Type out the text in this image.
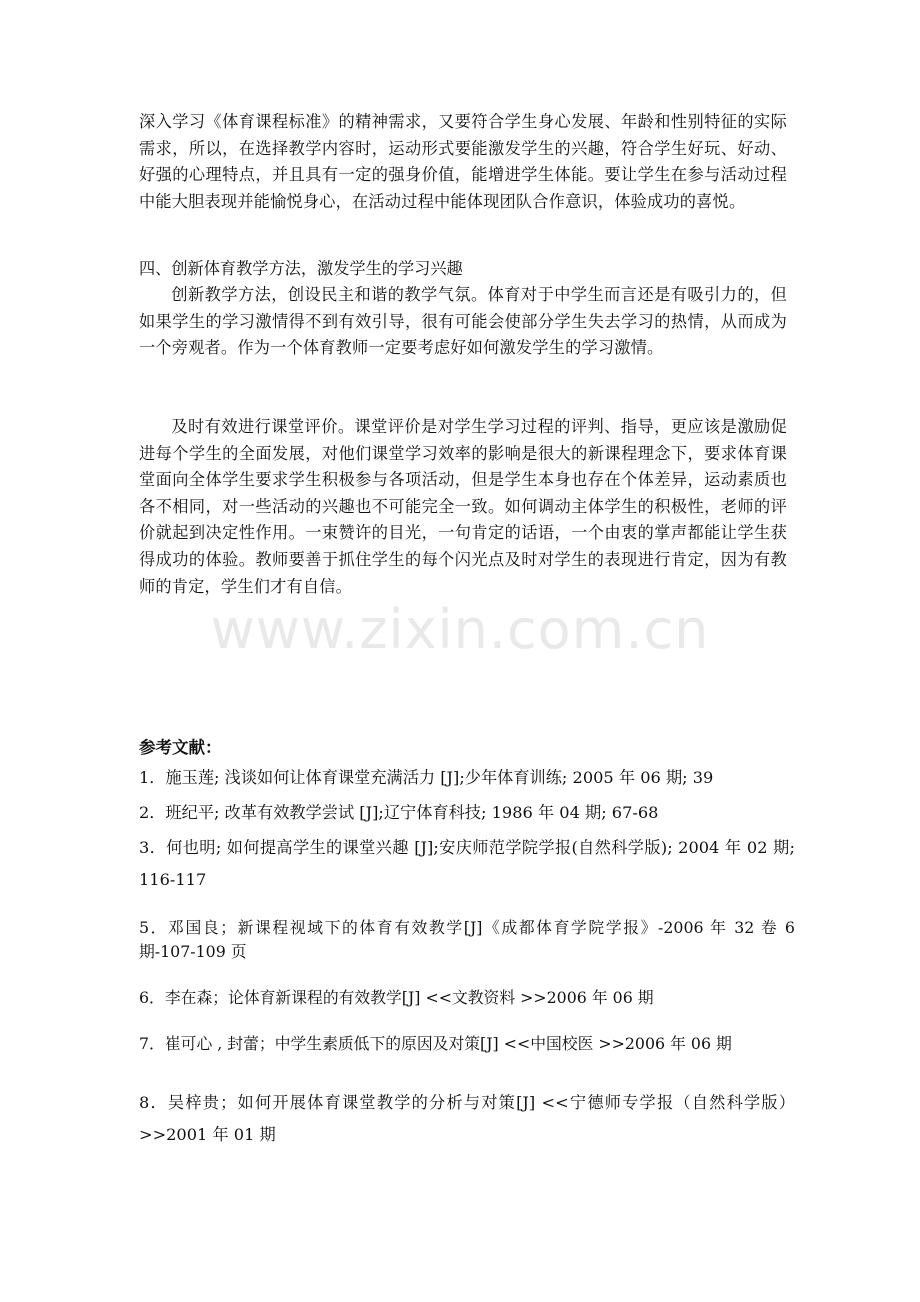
深入学习《体育课程标准》的精神需求，又要符合学生身心发展、年龄和性别特征的实际需求，所以，在选择教学内容时，运动形式要能激发学生的兴趣，符合学生好玩、好动、好强的心理特点，并且具有一定的强身价值，能增进学生体能。要让学生在参与活动过程中能大胆表现并能愉悦身心，在活动过程中能体现团队合作意识，体验成功的喜悦。

四、创新体育教学方法，激发学生的学习兴趣

创新教学方法，创设民主和谐的教学气氛。体育对于中学生而言还是有吸引力的，但如果学生的学习激情得不到有效引导，很有可能会使部分学生失去学习的热情，从而成为一个旁观者。作为一个体育教师一定要考虑好如何激发学生的学习激情。

及时有效进行课堂评价。课堂评价是对学生学习过程的评判、指导，更应该是激励促进每个学生的全面发展，对他们课堂学习效率的影响是很大的新课程理念下，要求体育课堂面向全体学生要求学生积极参与各项活动，但是学生本身也存在个体差异，运动素质也各不相同，对一些活动的兴趣也不可能完全一致。如何调动主体学生的积极性，老师的评价就起到决定性作用。一束赞许的目光，一句肯定的话语，一个由衷的掌声都能让学生获得成功的体验。教师要善于抓住学生的每个闪光点及时对学生的表现进行肯定，因为有教师的肯定，学生们才有自信。

www.zixin.com.cn

参考文献：

1．施玉莲; 浅谈如何让体育课堂充满活力 [J];少年体育训练; 2005 年 06 期; 39

2．班纪平; 改革有效教学尝试 [J];辽宁体育科技; 1986 年 04 期; 67-68

3．何也明; 如何提高学生的课堂兴趣 [J];安庆师范学院学报(自然科学版); 2004 年 02 期; 116-117

5．邓国良；新课程视域下的体育有效教学[J]《成都体育学院学报》-2006 年 32 卷 6 期-107-109 页

6．李在森；论体育新课程的有效教学[J] <<文教资料 >>2006 年 06 期

7．崔可心 , 封蕾；中学生素质低下的原因及对策[J] <<中国校医 >>2006 年 06 期

8．吴梓贵；如何开展体育课堂教学的分析与对策[J] <<宁德师专学报（自然科学版） >>2001 年 01 期
